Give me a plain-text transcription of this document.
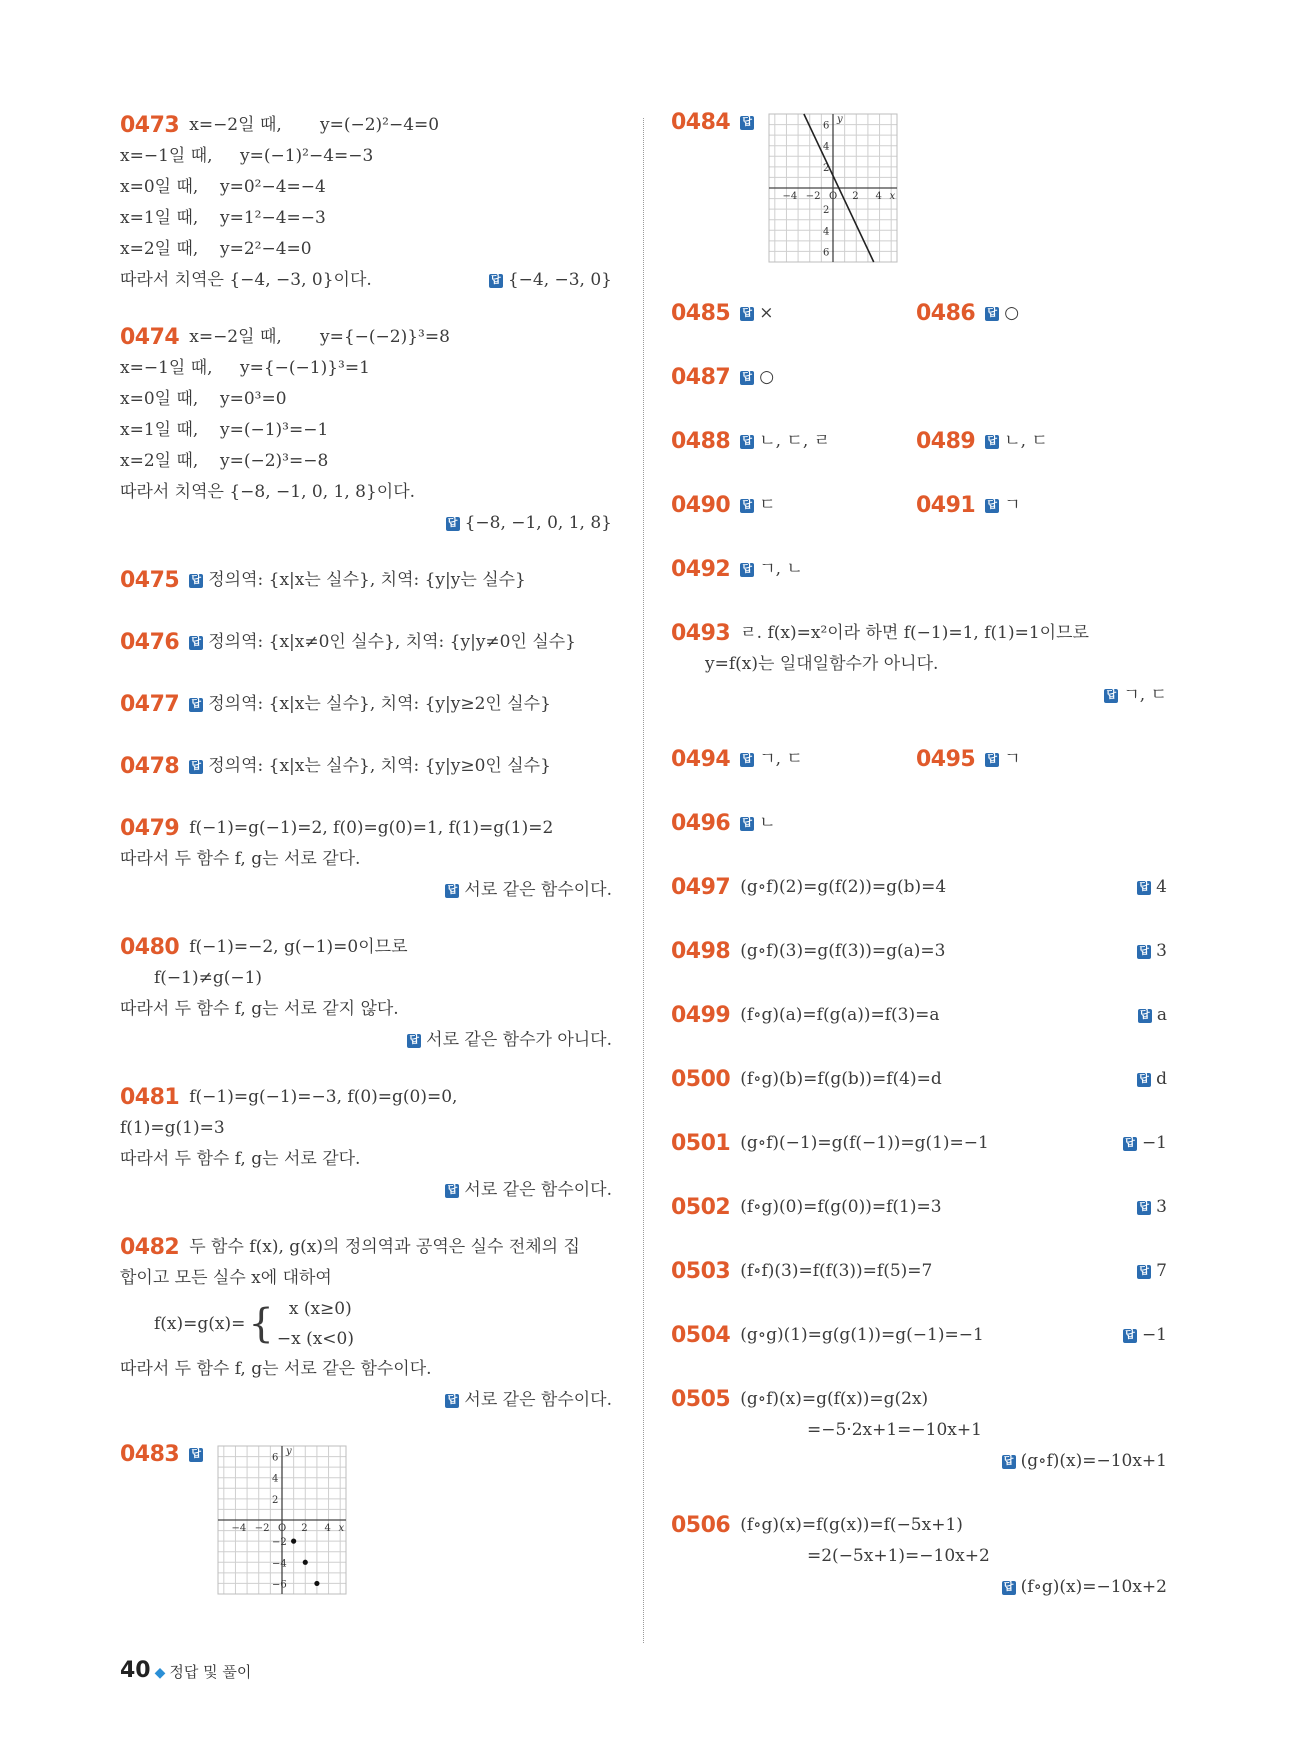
0473 x=−2일 때, y=(−2)²−4=0
x=−1일 때, y=(−1)²−4=−3
x=0일 때, y=0²−4=−4
x=1일 때, y=1²−4=−3
x=2일 때, y=2²−4=0
따라서 치역은 {−4, −3, 0}이다.	답 {−4, −3, 0}
0474 x=−2일 때, y={−(−2)}³=8
x=−1일 때, y={−(−1)}³=1
x=0일 때, y=0³=0
x=1일 때, y=(−1)³=−1
x=2일 때, y=(−2)³=−8
따라서 치역은 {−8, −1, 0, 1, 8}이다.
답 {−8, −1, 0, 1, 8}
0475 답 정의역: {x|x는 실수}, 치역: {y|y는 실수}
0476 답 정의역: {x|x≠0인 실수}, 치역: {y|y≠0인 실수}
0477 답 정의역: {x|x는 실수}, 치역: {y|y≥2인 실수}
0478 답 정의역: {x|x는 실수}, 치역: {y|y≥0인 실수}
0479 f(−1)=g(−1)=2, f(0)=g(0)=1, f(1)=g(1)=2
따라서 두 함수 f, g는 서로 같다.
답 서로 같은 함수이다.
0480 f(−1)=−2, g(−1)=0이므로
f(−1)≠g(−1)
따라서 두 함수 f, g는 서로 같지 않다.
답 서로 같은 함수가 아니다.
0481 f(−1)=g(−1)=−3, f(0)=g(0)=0,
f(1)=g(1)=3
따라서 두 함수 f, g는 서로 같다.
답 서로 같은 함수이다.
0482 두 함수 f(x), g(x)의 정의역과 공역은 실수 전체의 집
합이고 모든 실수 x에 대하여
f(x)=g(x)={ x (x≥0)
−x (x<0)
따라서 두 함수 f, g는 서로 같은 함수이다.
답 서로 같은 함수이다.
0483 답
−4 −2 O 2 4 x
6
4
2
−2
−4
−6
y
0484 답
−4 −2 O 2 4 x
6
4
2
2
4
6
y
0485 답 ×	0486 답 ○
0487 답 ○
0488 답 ㄴ, ㄷ, ㄹ	0489 답 ㄴ, ㄷ
0490 답 ㄷ	0491 답 ㄱ
0492 답 ㄱ, ㄴ
0493 ㄹ. f(x)=x²이라 하면 f(−1)=1, f(1)=1이므로
y=f(x)는 일대일함수가 아니다.
답 ㄱ, ㄷ
0494 답 ㄱ, ㄷ	0495 답 ㄱ
0496 답 ㄴ
0497 (g∘f)(2)=g(f(2))=g(b)=4	답 4
0498 (g∘f)(3)=g(f(3))=g(a)=3	답 3
0499 (f∘g)(a)=f(g(a))=f(3)=a	답 a
0500 (f∘g)(b)=f(g(b))=f(4)=d	답 d
0501 (g∘f)(−1)=g(f(−1))=g(1)=−1	답 −1
0502 (f∘g)(0)=f(g(0))=f(1)=3	답 3
0503 (f∘f)(3)=f(f(3))=f(5)=7	답 7
0504 (g∘g)(1)=g(g(1))=g(−1)=−1	답 −1
0505 (g∘f)(x)=g(f(x))=g(2x)
=−5·2x+1=−10x+1
답 (g∘f)(x)=−10x+1
0506 (f∘g)(x)=f(g(x))=f(−5x+1)
=2(−5x+1)=−10x+2
답 (f∘g)(x)=−10x+2
40 ◆ 정답 및 풀이
